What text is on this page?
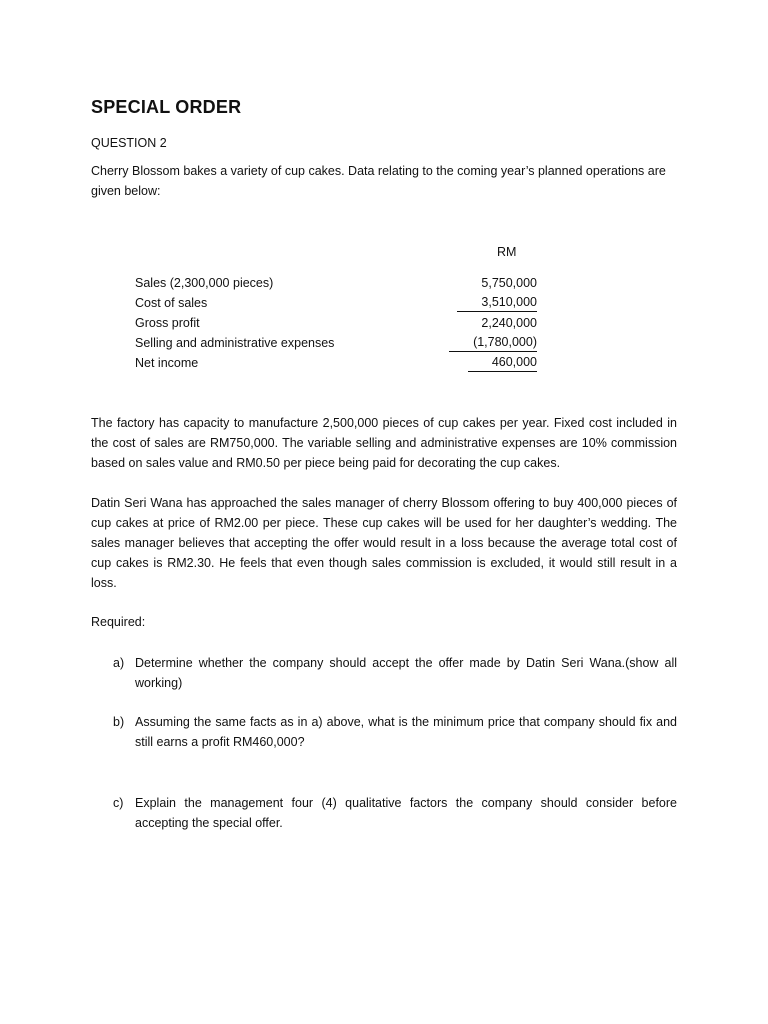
SPECIAL ORDER
QUESTION 2
Cherry Blossom bakes a variety of cup cakes. Data relating to the coming year’s planned operations are given below:
RM
Sales (2,300,000 pieces)	5,750,000
Cost of sales	3,510,000
Gross profit	2,240,000
Selling and administrative expenses	(1,780,000)
Net income	460,000
The factory has capacity to manufacture 2,500,000 pieces of cup cakes per year. Fixed cost included in the cost of sales are RM750,000. The variable selling and administrative expenses are 10% commission based on sales value and RM0.50 per piece being paid for decorating the cup cakes.
Datin Seri Wana has approached the sales manager of cherry Blossom offering to buy 400,000 pieces of cup cakes at price of RM2.00 per piece. These cup cakes will be used for her daughter’s wedding. The sales manager believes that accepting the offer would result in a loss because the average total cost of cup cakes is RM2.30. He feels that even though sales commission is excluded, it would still result in a loss.
Required:
a) Determine whether the company should accept the offer made by Datin Seri Wana.(show all working)
b) Assuming the same facts as in a) above, what is the minimum price that company should fix and still earns a profit RM460,000?
c) Explain the management four (4) qualitative factors the company should consider before accepting the special offer.
